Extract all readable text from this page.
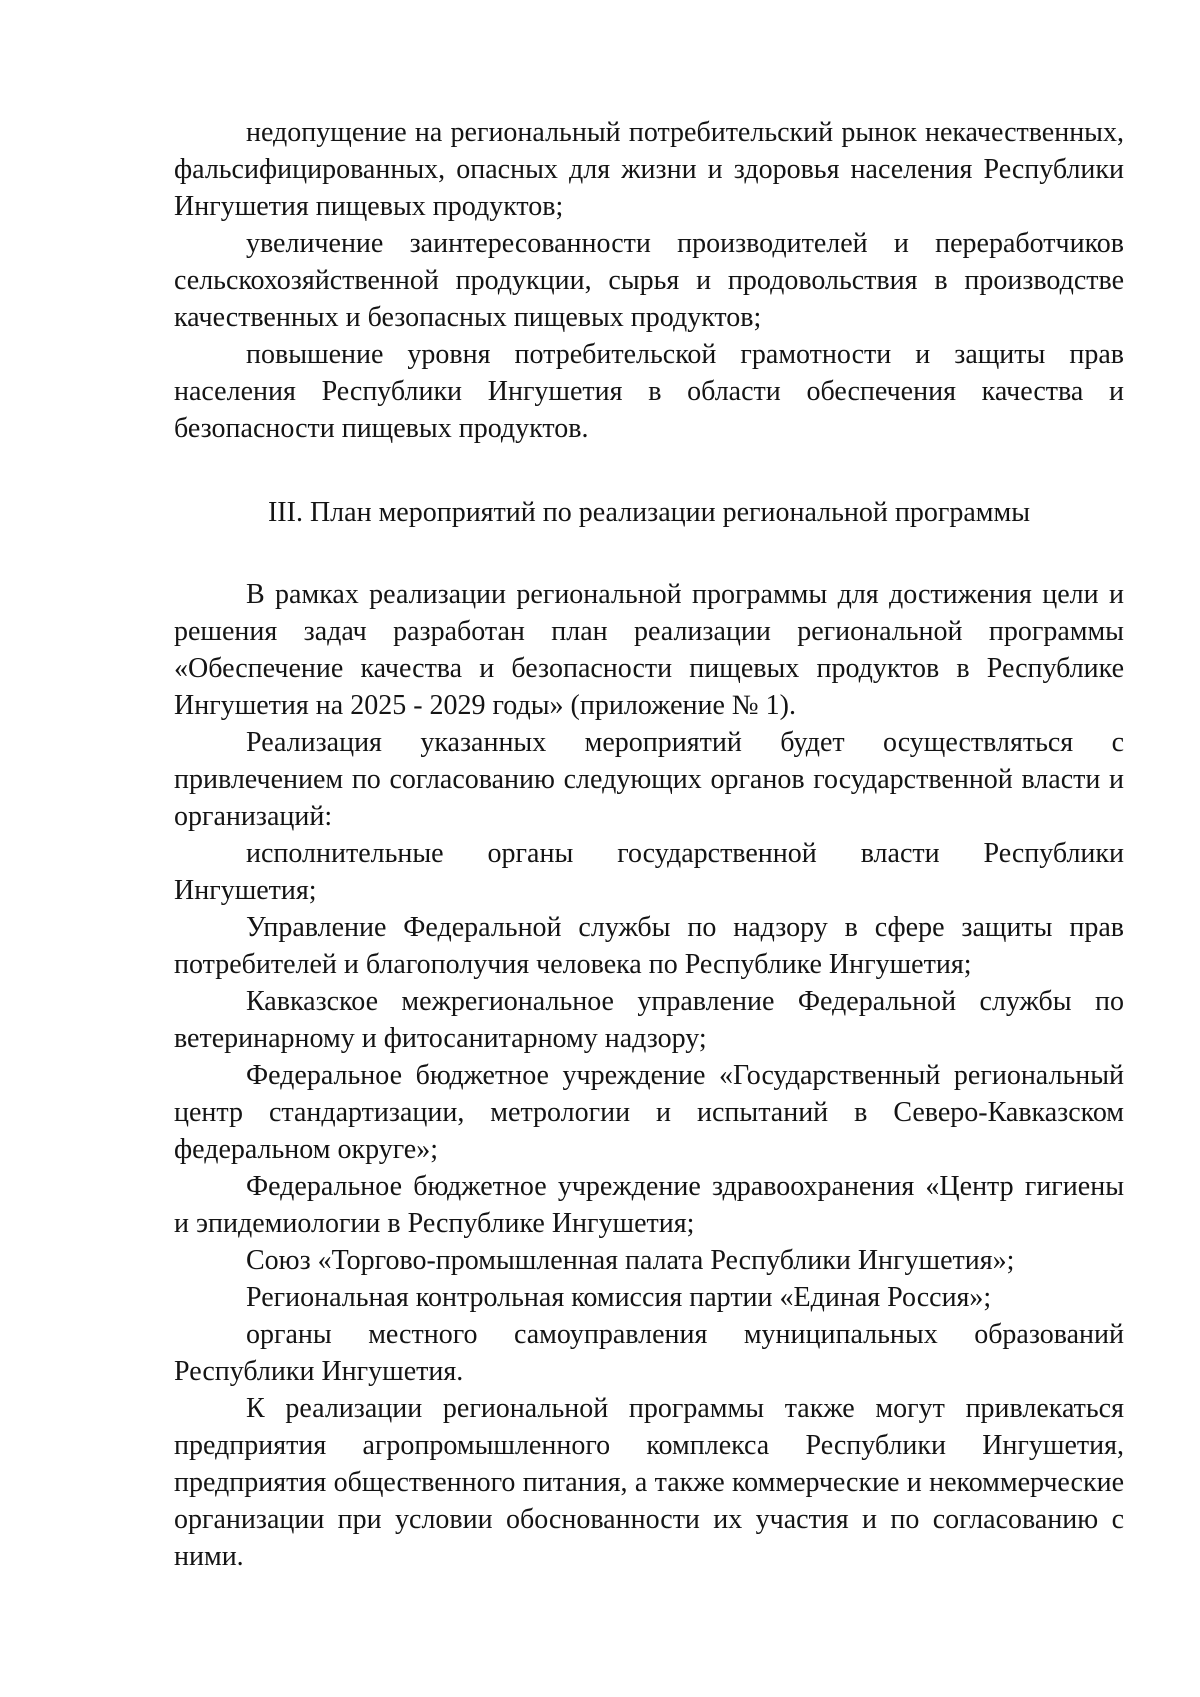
недопущение на региональный потребительский рынок некачественных, фальсифицированных, опасных для жизни и здоровья населения Республики Ингушетия пищевых продуктов;

увеличение заинтересованности производителей и переработчиков сельскохозяйственной продукции, сырья и продовольствия в производстве качественных и безопасных пищевых продуктов;

повышение уровня потребительской грамотности и защиты прав населения Республики Ингушетия в области обеспечения качества и безопасности пищевых продуктов.

III. План мероприятий по реализации региональной программы

В рамках реализации региональной программы для достижения цели и решения задач разработан план реализации региональной программы «Обеспечение качества и безопасности пищевых продуктов в Республике Ингушетия на 2025 - 2029 годы» (приложение № 1).

Реализация указанных мероприятий будет осуществляться с привлечением по согласованию следующих органов государственной власти и организаций:

исполнительные органы государственной власти Республики Ингушетия;

Управление Федеральной службы по надзору в сфере защиты прав потребителей и благополучия человека по Республике Ингушетия;

Кавказское межрегиональное управление Федеральной службы по ветеринарному и фитосанитарному надзору;

Федеральное бюджетное учреждение «Государственный региональный центр стандартизации, метрологии и испытаний в Северо-Кавказском федеральном округе»;

Федеральное бюджетное учреждение здравоохранения «Центр гигиены и эпидемиологии в Республике Ингушетия;

Союз «Торгово-промышленная палата Республики Ингушетия»;

Региональная контрольная комиссия партии «Единая Россия»;

органы местного самоуправления муниципальных образований Республики Ингушетия.

К реализации региональной программы также могут привлекаться предприятия агропромышленного комплекса Республики Ингушетия, предприятия общественного питания, а также коммерческие и некоммерческие организации при условии обоснованности их участия и по согласованию с ними.
